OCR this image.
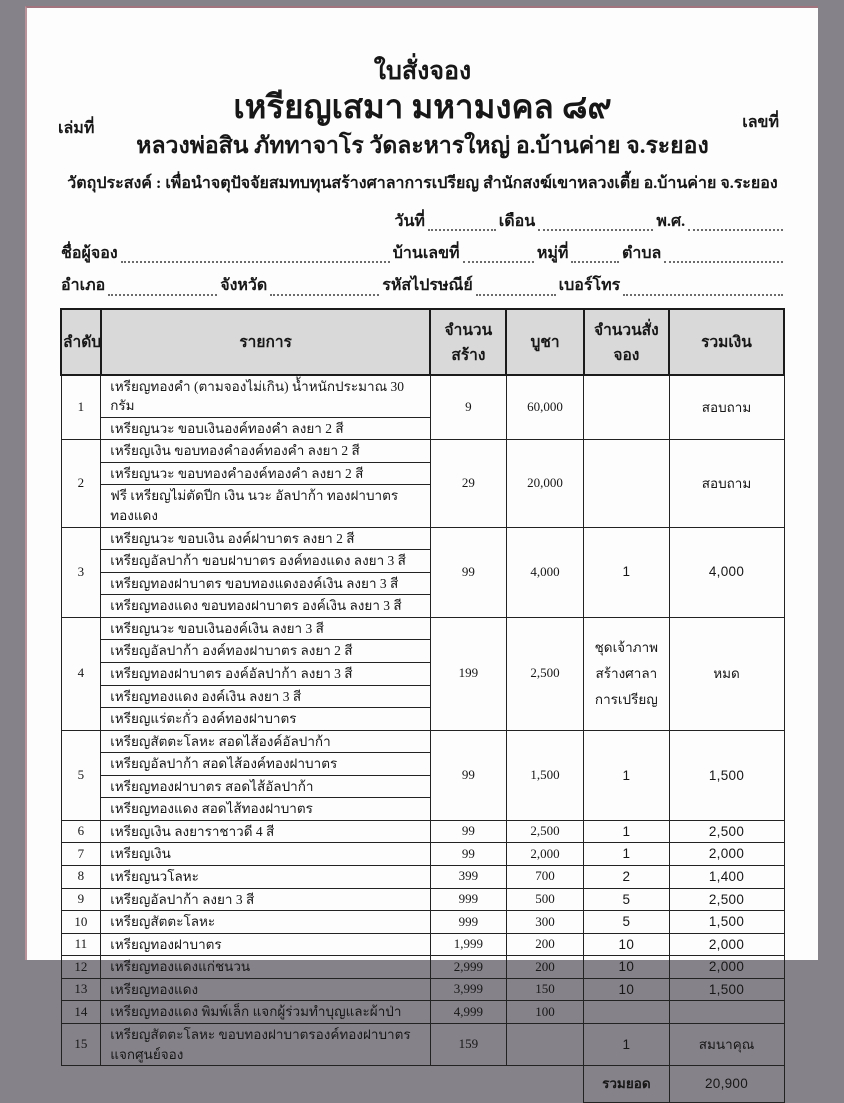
ใบสั่งจอง
เหรียญเสมา มหามงคล ๘๙
เล่มที่	เลขที่
หลวงพ่อสิน ภัททาจาโร วัดละหารใหญ่ อ.บ้านค่าย จ.ระยอง
วัตถุประสงค์ : เพื่อนำจตุปัจจัยสมทบทุนสร้างศาลาการเปรียญ สำนักสงฆ์เขาหลวงเตี้ย อ.บ้านค่าย จ.ระยอง
วันที่	เดือน	พ.ศ.
ชื่อผู้จอง	บ้านเลขที่	หมู่ที่	ตำบล
อำเภอ	จังหวัด	รหัสไปรษณีย์	เบอร์โทร
ลำดับ	รายการ	จำนวนสร้าง	บูชา	จำนวนสั่งจอง	รวมเงิน
1	เหรียญทองคำ (ตามจองไม่เกิน) น้ำหนักประมาณ 30 กรัม	9	60,000		สอบถาม
	เหรียญนวะ ขอบเงินองค์ทองคำ ลงยา 2 สี				
2	เหรียญเงิน ขอบทองคำองค์ทองคำ ลงยา 2 สี	29	20,000		สอบถาม
	เหรียญนวะ ขอบทองคำองค์ทองคำ ลงยา 2 สี				
	ฟรี เหรียญไม่ตัดปีก เงิน นวะ อัลปาก้า ทองฝาบาตร ทองแดง				
3	เหรียญนวะ ขอบเงิน องค์ฝาบาตร ลงยา 2 สี	99	4,000	1	4,000
	เหรียญอัลปาก้า ขอบฝาบาตร องค์ทองแดง ลงยา 3 สี				
	เหรียญทองฝาบาตร ขอบทองแดงองค์เงิน ลงยา 3 สี				
	เหรียญทองแดง ขอบทองฝาบาตร องค์เงิน ลงยา 3 สี				
4	เหรียญนวะ ขอบเงินองค์เงิน ลงยา 3 สี	199	2,500	ชุดเจ้าภาพ
สร้างศาลา
การเปรียญ	หมด
	เหรียญอัลปาก้า องค์ทองฝาบาตร ลงยา 2 สี				
	เหรียญทองฝาบาตร องค์อัลปาก้า ลงยา 3 สี				
	เหรียญทองแดง องค์เงิน ลงยา 3 สี				
	เหรียญแร่ตะกั่ว องค์ทองฝาบาตร				
5	เหรียญสัตตะโลหะ สอดไส้องค์อัลปาก้า	99	1,500	1	1,500
	เหรียญอัลปาก้า สอดไส้องค์ทองฝาบาตร				
	เหรียญทองฝาบาตร สอดไส้อัลปาก้า				
	เหรียญทองแดง สอดไส้ทองฝาบาตร				
6	เหรียญเงิน ลงยาราชาวดี 4 สี	99	2,500	1	2,500
7	เหรียญเงิน	99	2,000	1	2,000
8	เหรียญนวโลหะ	399	700	2	1,400
9	เหรียญอัลปาก้า ลงยา 3 สี	999	500	5	2,500
10	เหรียญสัตตะโลหะ	999	300	5	1,500
11	เหรียญทองฝาบาตร	1,999	200	10	2,000
12	เหรียญทองแดงแก่ชนวน	2,999	200	10	2,000
13	เหรียญทองแดง	3,999	150	10	1,500
14	เหรียญทองแดง พิมพ์เล็ก แจกผู้ร่วมทำบุญและผ้าป่า	4,999	100		
15	เหรียญสัตตะโลหะ ขอบทองฝาบาตรองค์ทองฝาบาตร แจกศูนย์จอง	159		1	สมนาคุณ
				รวมยอด	20,900
